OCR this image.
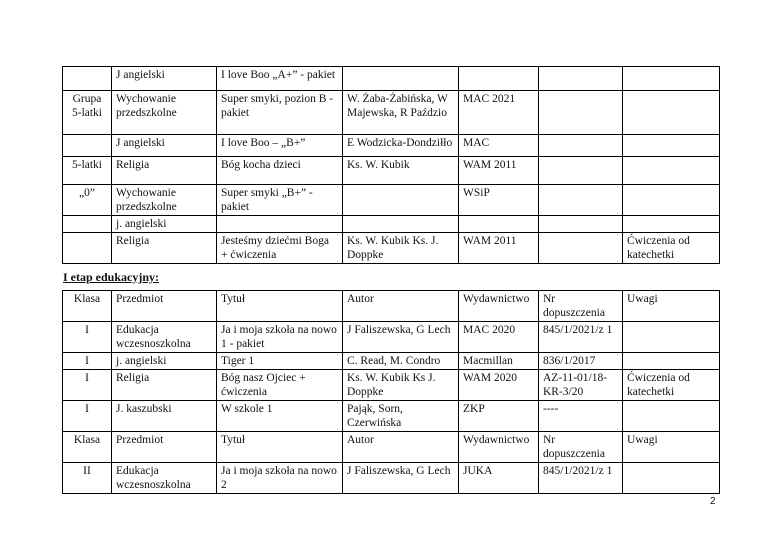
	J angielski	I love Boo „A+” - pakiet				
Grupa 5-latki	Wychowanie przedszkolne	Super smyki, pozion B - pakiet	W. Żaba-Żabińska, W Majewska, R Paździo	MAC 2021		
	J angielski	I love Boo – „B+”	E Wodzicka-Dondziłło	MAC		
5-latki	Religia	Bóg kocha dzieci	Ks. W. Kubik	WAM 2011		
„0”	Wychowanie przedszkolne	Super smyki „B+” - pakiet		WSiP		
	j. angielski					
	Religia	Jesteśmy dziećmi Boga + ćwiczenia	Ks. W. Kubik Ks. J. Doppke	WAM 2011		Ćwiczenia od katechetki
I etap edukacyjny:
Klasa	Przedmiot	Tytuł	Autor	Wydawnictwo	Nr dopuszczenia	Uwagi
I	Edukacja wczesnoszkolna	Ja i moja szkoła na nowo 1 - pakiet	J Faliszewska, G Lech	MAC 2020	845/1/2021/z 1	
I	j. angielski	Tiger 1	C. Read, M. Condro	Macmillan	836/1/2017	
I	Religia	Bóg nasz Ojciec + ćwiczenia	Ks. W. Kubik Ks J. Doppke	WAM 2020	AZ-11-01/18-KR-3/20	Ćwiczenia od katechetki
I	J. kaszubski	W szkole 1	Pająk, Sorn, Czerwińska	ZKP	----	
Klasa	Przedmiot	Tytuł	Autor	Wydawnictwo	Nr dopuszczenia	Uwagi
II	Edukacja wczesnoszkolna	Ja i moja szkoła na nowo 2	J Faliszewska, G Lech	JUKA	845/1/2021/z 1	
2
